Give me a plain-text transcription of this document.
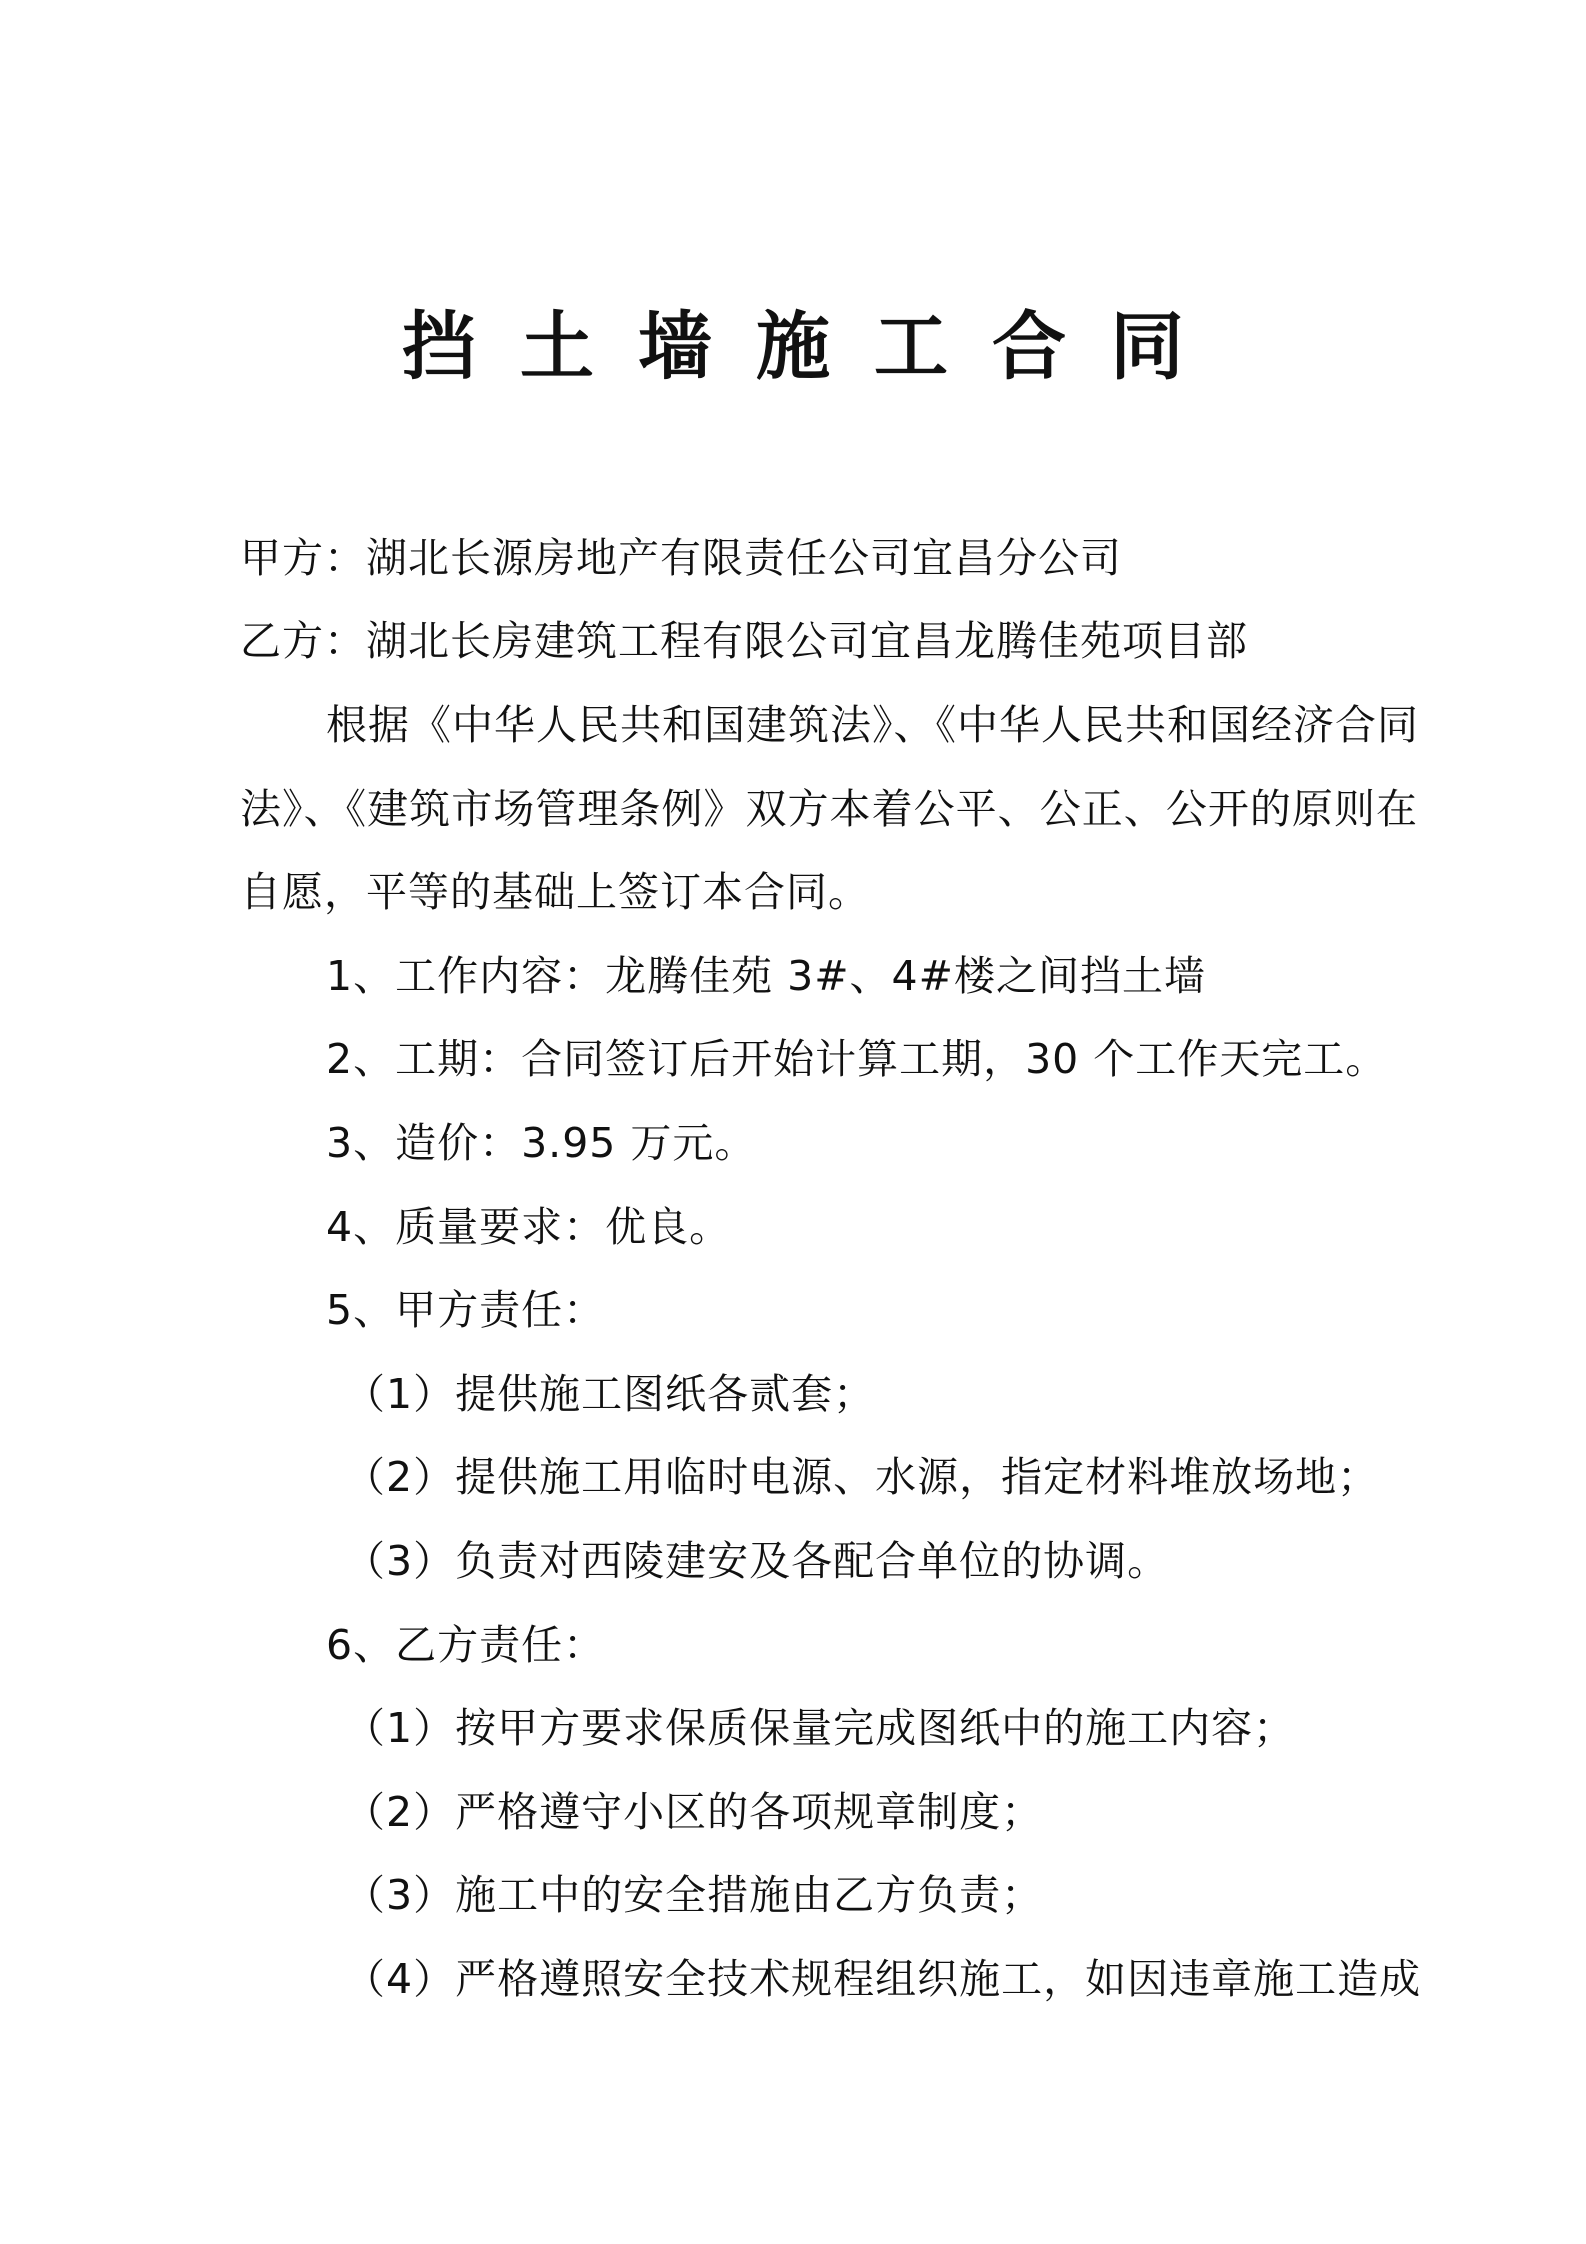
挡土墙施工合同
甲方：湖北长源房地产有限责任公司宜昌分公司
乙方：湖北长房建筑工程有限公司宜昌龙腾佳苑项目部
根据《中华人民共和国建筑法》、《中华人民共和国经济合同
法》、《建筑市场管理条例》双方本着公平、公正、公开的原则在
自愿，平等的基础上签订本合同。
1、工作内容：龙腾佳苑 3#、4#楼之间挡土墙
2、工期：合同签订后开始计算工期，30 个工作天完工。
3、造价：3.95 万元。
4、质量要求：优良。
5、甲方责任：
（1）提供施工图纸各贰套；
（2）提供施工用临时电源、水源，指定材料堆放场地；
（3）负责对西陵建安及各配合单位的协调。
6、乙方责任：
（1）按甲方要求保质保量完成图纸中的施工内容；
（2）严格遵守小区的各项规章制度；
（3）施工中的安全措施由乙方负责；
（4）严格遵照安全技术规程组织施工，如因违章施工造成
